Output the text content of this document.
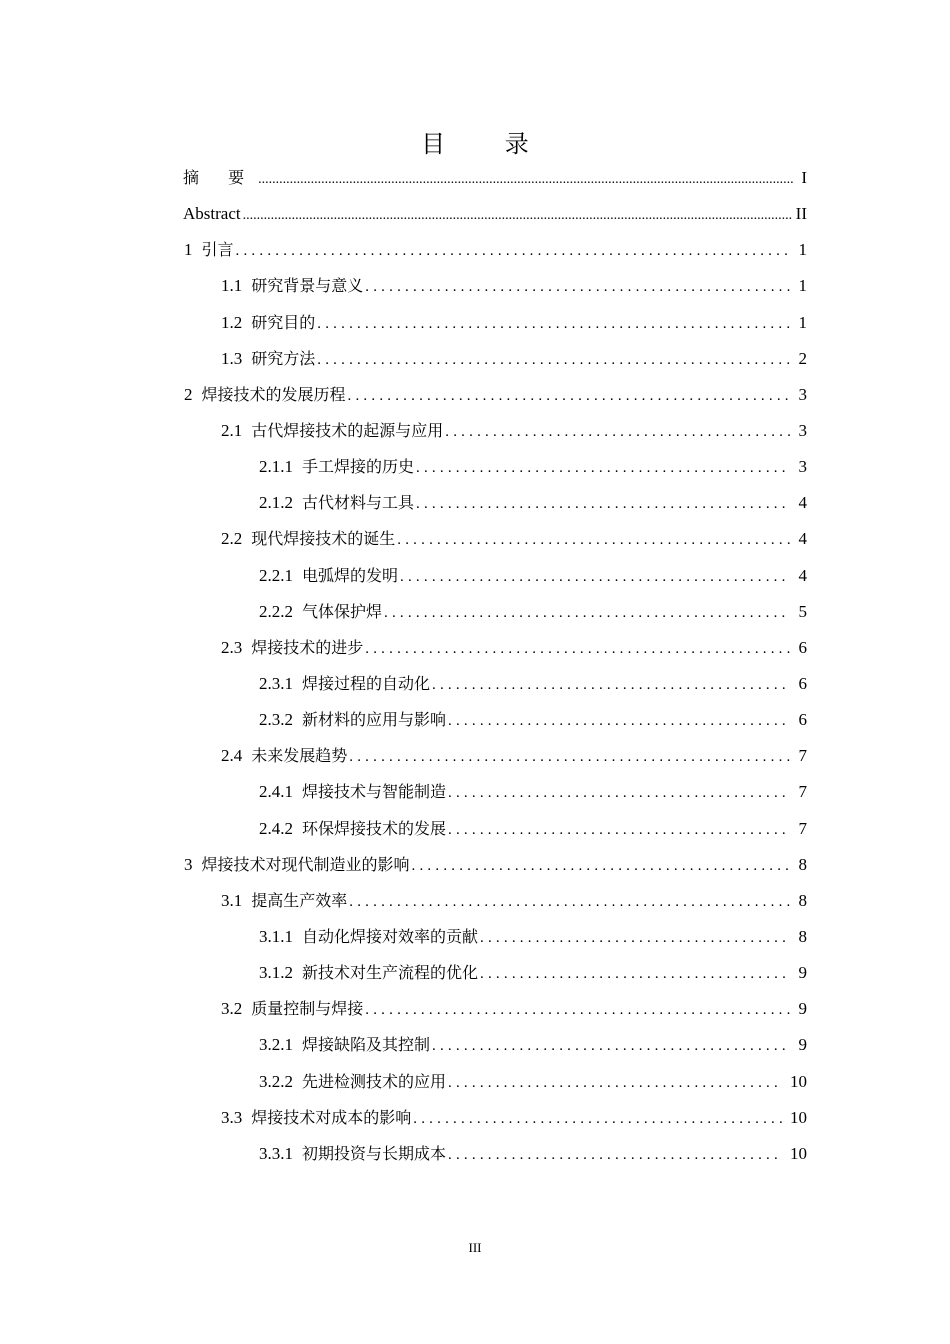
目 录
摘 要 .....	I
Abstract .....	II
1 引言 .....	1
1.1 研究背景与意义 .....	1
1.2 研究目的 .....	1
1.3 研究方法 .....	2
2 焊接技术的发展历程 .....	3
2.1 古代焊接技术的起源与应用 .....	3
2.1.1 手工焊接的历史 .....	3
2.1.2 古代材料与工具 .....	4
2.2 现代焊接技术的诞生 .....	4
2.2.1 电弧焊的发明 .....	4
2.2.2 气体保护焊 .....	5
2.3 焊接技术的进步 .....	6
2.3.1 焊接过程的自动化 .....	6
2.3.2 新材料的应用与影响 .....	6
2.4 未来发展趋势 .....	7
2.4.1 焊接技术与智能制造 .....	7
2.4.2 环保焊接技术的发展 .....	7
3 焊接技术对现代制造业的影响 .....	8
3.1 提高生产效率 .....	8
3.1.1 自动化焊接对效率的贡献 .....	8
3.1.2 新技术对生产流程的优化 .....	9
3.2 质量控制与焊接 .....	9
3.2.1 焊接缺陷及其控制 .....	9
3.2.2 先进检测技术的应用 .....	10
3.3 焊接技术对成本的影响 .....	10
3.3.1 初期投资与长期成本 .....	10
III
